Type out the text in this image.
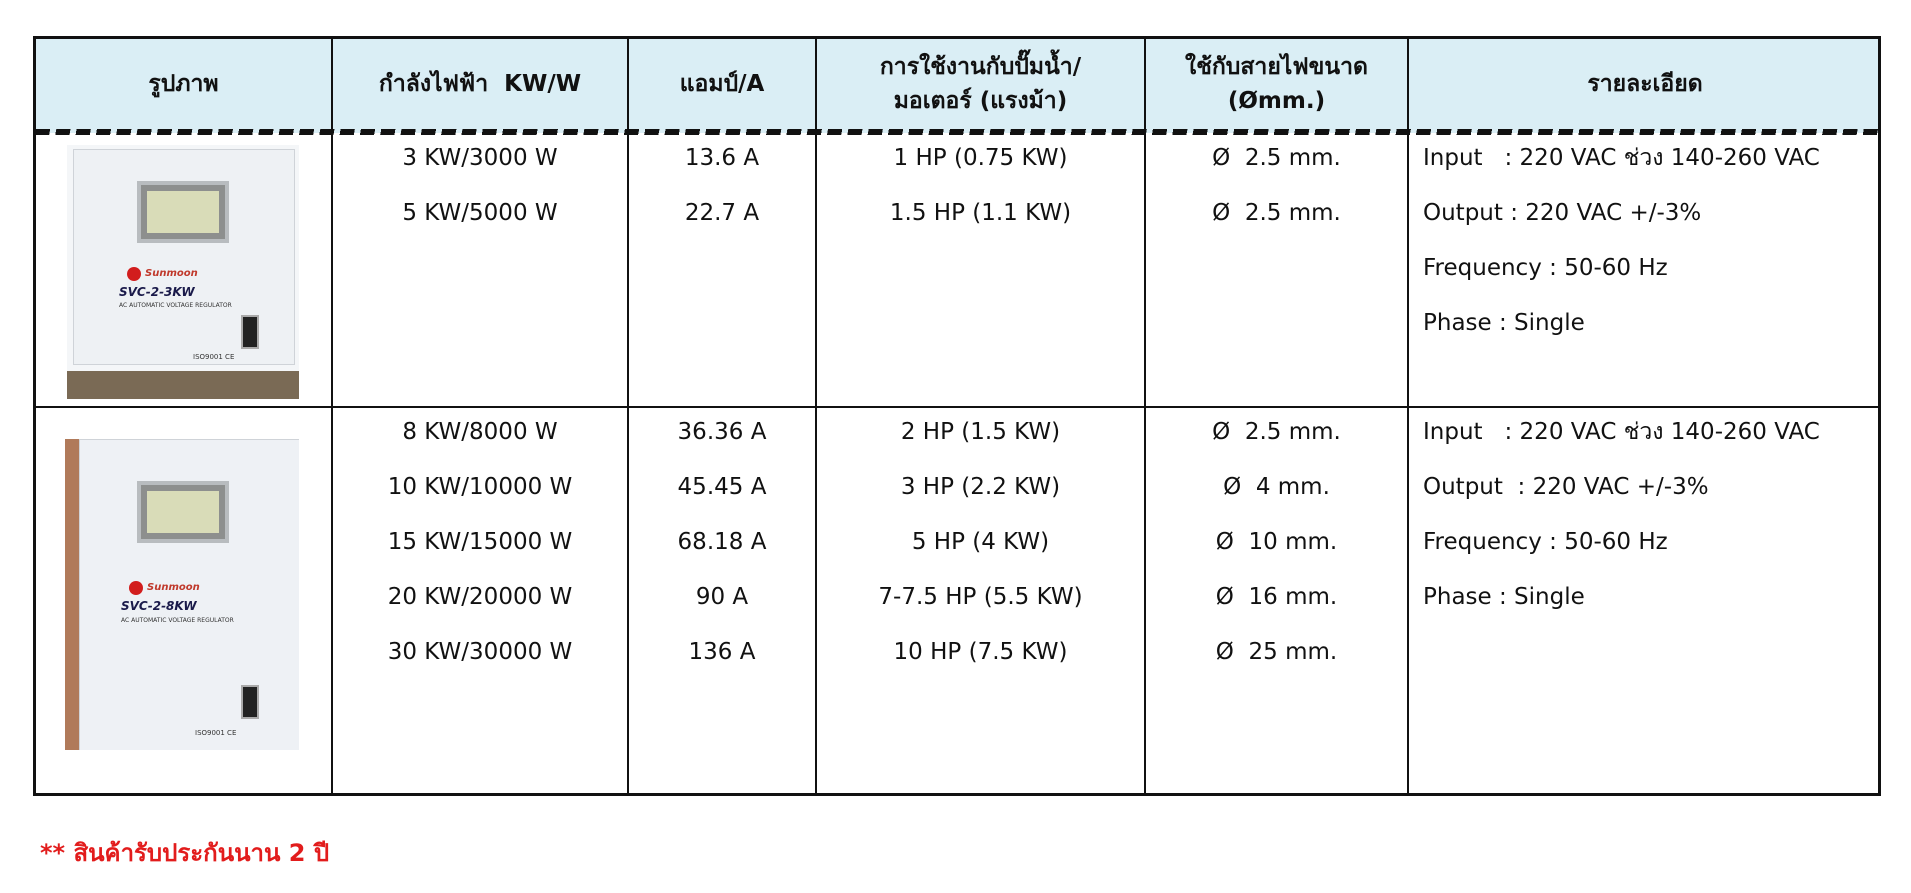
รูปภาพ	กำลังไฟฟ้า  KW/W	แอมป์/A
การใช้งานกับปั๊มน้ำ/
มอเตอร์ (แรงม้า)
ใช้กับสายไฟขนาด
(Ømm.)
รายละเอียด
Sunmoon
SVC-2-3KW
AC AUTOMATIC VOLTAGE REGULATOR
ISO9001 CE
3 KW/3000 W
5 KW/5000 W
13.6 A
22.7 A
1 HP (0.75 KW)
1.5 HP (1.1 KW)
Ø  2.5 mm.
Ø  2.5 mm.
Input   : 220 VAC ช่วง 140-260 VAC
Output : 220 VAC +/-3%
Frequency : 50-60 Hz
Phase : Single
Sunmoon
SVC-2-8KW
AC AUTOMATIC VOLTAGE REGULATOR
ISO9001 CE
8 KW/8000 W
10 KW/10000 W
15 KW/15000 W
20 KW/20000 W
30 KW/30000 W
36.36 A
45.45 A
68.18 A
90 A
136 A
2 HP (1.5 KW)
3 HP (2.2 KW)
5 HP (4 KW)
7-7.5 HP (5.5 KW)
10 HP (7.5 KW)
Ø  2.5 mm.
Ø  4 mm.
Ø  10 mm.
Ø  16 mm.
Ø  25 mm.
Input   : 220 VAC ช่วง 140-260 VAC
Output  : 220 VAC +/-3%
Frequency : 50-60 Hz
Phase : Single
** สินค้ารับประกันนาน 2 ปี
